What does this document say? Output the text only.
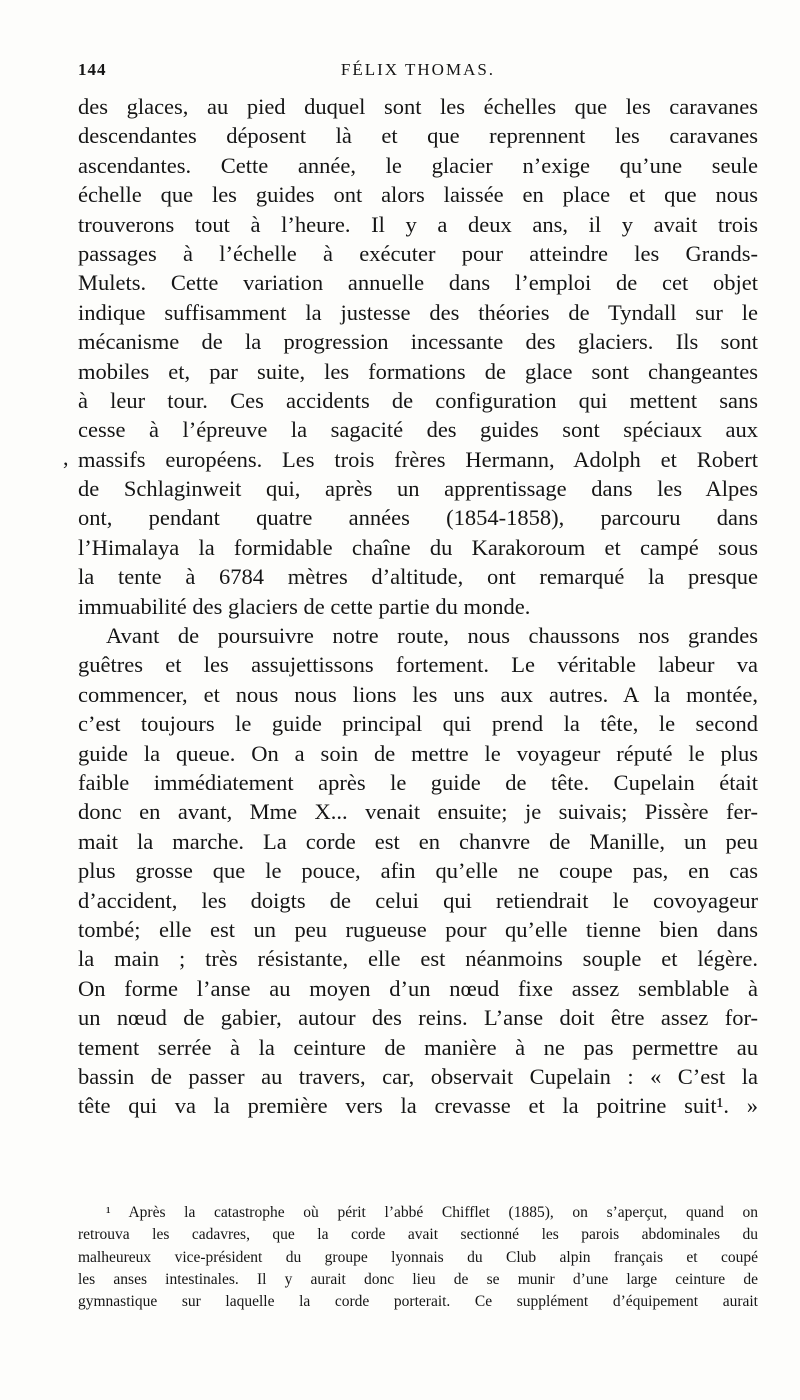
144	FÉLIX THOMAS.
des glaces, au pied duquel sont les échelles que les caravanes
descendantes déposent là et que reprennent les caravanes
ascendantes. Cette année, le glacier n’exige qu’une seule
échelle que les guides ont alors laissée en place et que nous
trouverons tout à l’heure. Il y a deux ans, il y avait trois
passages à l’échelle à exécuter pour atteindre les Grands-
Mulets. Cette variation annuelle dans l’emploi de cet objet
indique suffisamment la justesse des théories de Tyndall sur le
mécanisme de la progression incessante des glaciers. Ils sont
mobiles et, par suite, les formations de glace sont changeantes
à leur tour. Ces accidents de configuration qui mettent sans
cesse à l’épreuve la sagacité des guides sont spéciaux aux
, massifs européens. Les trois frères Hermann, Adolph et Robert
de Schlaginweit qui, après un apprentissage dans les Alpes
ont, pendant quatre années (1854-1858), parcouru dans
l’Himalaya la formidable chaîne du Karakoroum et campé sous
la tente à 6784 mètres d’altitude, ont remarqué la presque
immuabilité des glaciers de cette partie du monde.
Avant de poursuivre notre route, nous chaussons nos grandes
guêtres et les assujettissons fortement. Le véritable labeur va
commencer, et nous nous lions les uns aux autres. A la montée,
c’est toujours le guide principal qui prend la tête, le second
guide la queue. On a soin de mettre le voyageur réputé le plus
faible immédiatement après le guide de tête. Cupelain était
donc en avant, Mme X... venait ensuite; je suivais; Pissère fer-
mait la marche. La corde est en chanvre de Manille, un peu
plus grosse que le pouce, afin qu’elle ne coupe pas, en cas
d’accident, les doigts de celui qui retiendrait le covoyageur
tombé; elle est un peu rugueuse pour qu’elle tienne bien dans
la main ; très résistante, elle est néanmoins souple et légère.
On forme l’anse au moyen d’un nœud fixe assez semblable à
un nœud de gabier, autour des reins. L’anse doit être assez for-
tement serrée à la ceinture de manière à ne pas permettre au
bassin de passer au travers, car, observait Cupelain : « C’est la
tête qui va la première vers la crevasse et la poitrine suit¹. »
¹ Après la catastrophe où périt l’abbé Chifflet (1885), on s’aperçut, quand on
retrouva les cadavres, que la corde avait sectionné les parois abdominales du
malheureux vice-président du groupe lyonnais du Club alpin français et coupé
les anses intestinales. Il y aurait donc lieu de se munir d’une large ceinture de
gymnastique sur laquelle la corde porterait. Ce supplément d’équipement aurait
